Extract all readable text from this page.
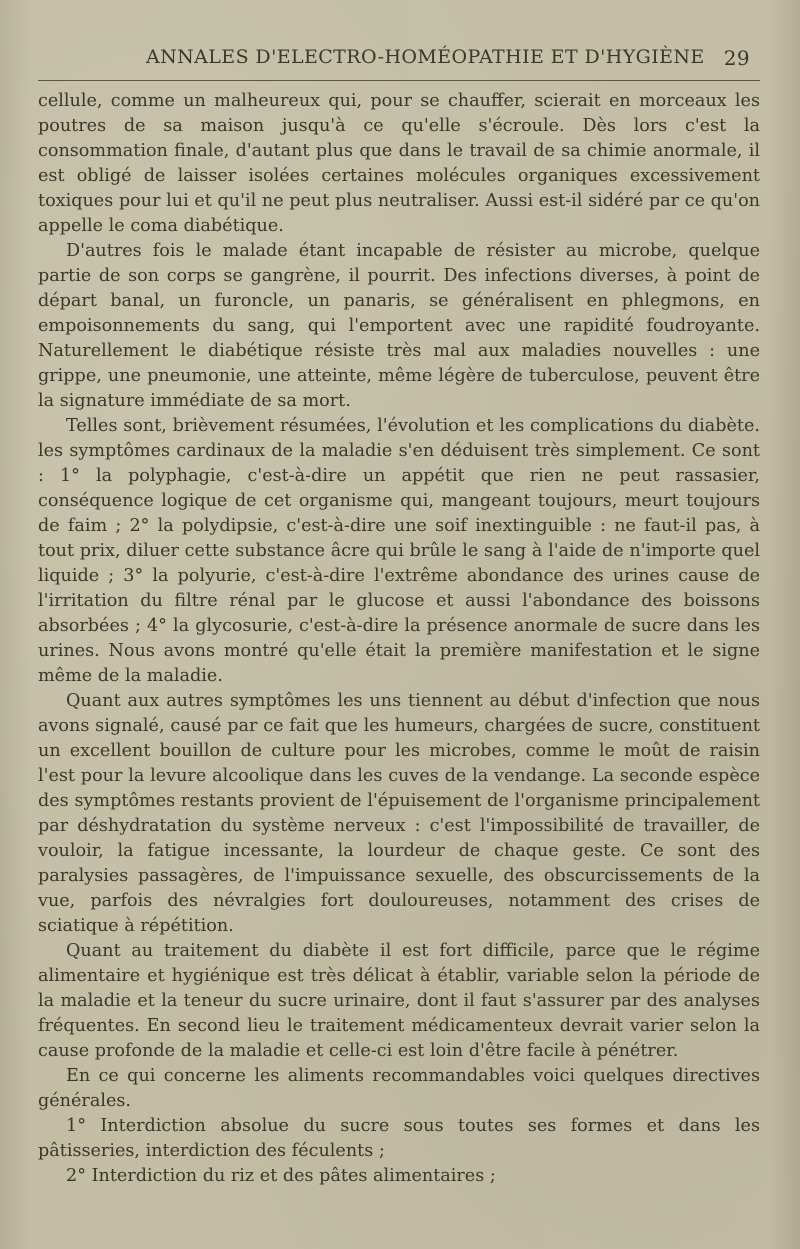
ANNALES D'ELECTRO-HOMÉOPATHIE ET D'HYGIÈNE 29

cellule, comme un malheureux qui, pour se chauffer, scierait en morceaux les poutres de sa maison jusqu'à ce qu'elle s'écroule. Dès lors c'est la consommation finale, d'autant plus que dans le travail de sa chimie anormale, il est obligé de laisser isolées certaines molécules organiques excessivement toxiques pour lui et qu'il ne peut plus neutraliser. Aussi est-il sidéré par ce qu'on appelle le coma diabétique.

D'autres fois le malade étant incapable de résister au microbe, quelque partie de son corps se gangrène, il pourrit. Des infections diverses, à point de départ banal, un furoncle, un panaris, se généralisent en phlegmons, en empoisonnements du sang, qui l'emportent avec une rapidité foudroyante. Naturellement le diabétique résiste très mal aux maladies nouvelles : une grippe, une pneumonie, une atteinte, même légère de tuberculose, peuvent être la signature immédiate de sa mort.

Telles sont, brièvement résumées, l'évolution et les complications du diabète. les symptômes cardinaux de la maladie s'en déduisent très simplement. Ce sont : 1° la polyphagie, c'est-à-dire un appétit que rien ne peut rassasier, conséquence logique de cet organisme qui, mangeant toujours, meurt toujours de faim ; 2° la polydipsie, c'est-à-dire une soif inextinguible : ne faut-il pas, à tout prix, diluer cette substance âcre qui brûle le sang à l'aide de n'importe quel liquide ; 3° la polyurie, c'est-à-dire l'extrême abondance des urines cause de l'irritation du filtre rénal par le glucose et aussi l'abondance des boissons absorbées ; 4° la glycosurie, c'est-à-dire la présence anormale de sucre dans les urines. Nous avons montré qu'elle était la première manifestation et le signe même de la maladie.

Quant aux autres symptômes les uns tiennent au début d'infection que nous avons signalé, causé par ce fait que les humeurs, chargées de sucre, constituent un excellent bouillon de culture pour les microbes, comme le moût de raisin l'est pour la levure alcoolique dans les cuves de la vendange. La seconde espèce des symptômes restants provient de l'épuisement de l'organisme principalement par déshydratation du système nerveux : c'est l'impossibilité de travailler, de vouloir, la fatigue incessante, la lourdeur de chaque geste. Ce sont des paralysies passagères, de l'impuissance sexuelle, des obscurcissements de la vue, parfois des névralgies fort douloureuses, notamment des crises de sciatique à répétition.

Quant au traitement du diabète il est fort difficile, parce que le régime alimentaire et hygiénique est très délicat à établir, variable selon la période de la maladie et la teneur du sucre urinaire, dont il faut s'assurer par des analyses fréquentes. En second lieu le traitement médicamenteux devrait varier selon la cause profonde de la maladie et celle-ci est loin d'être facile à pénétrer.

En ce qui concerne les aliments recommandables voici quelques directives générales.

1° Interdiction absolue du sucre sous toutes ses formes et dans les pâtisseries, interdiction des féculents ;

2° Interdiction du riz et des pâtes alimentaires ;
